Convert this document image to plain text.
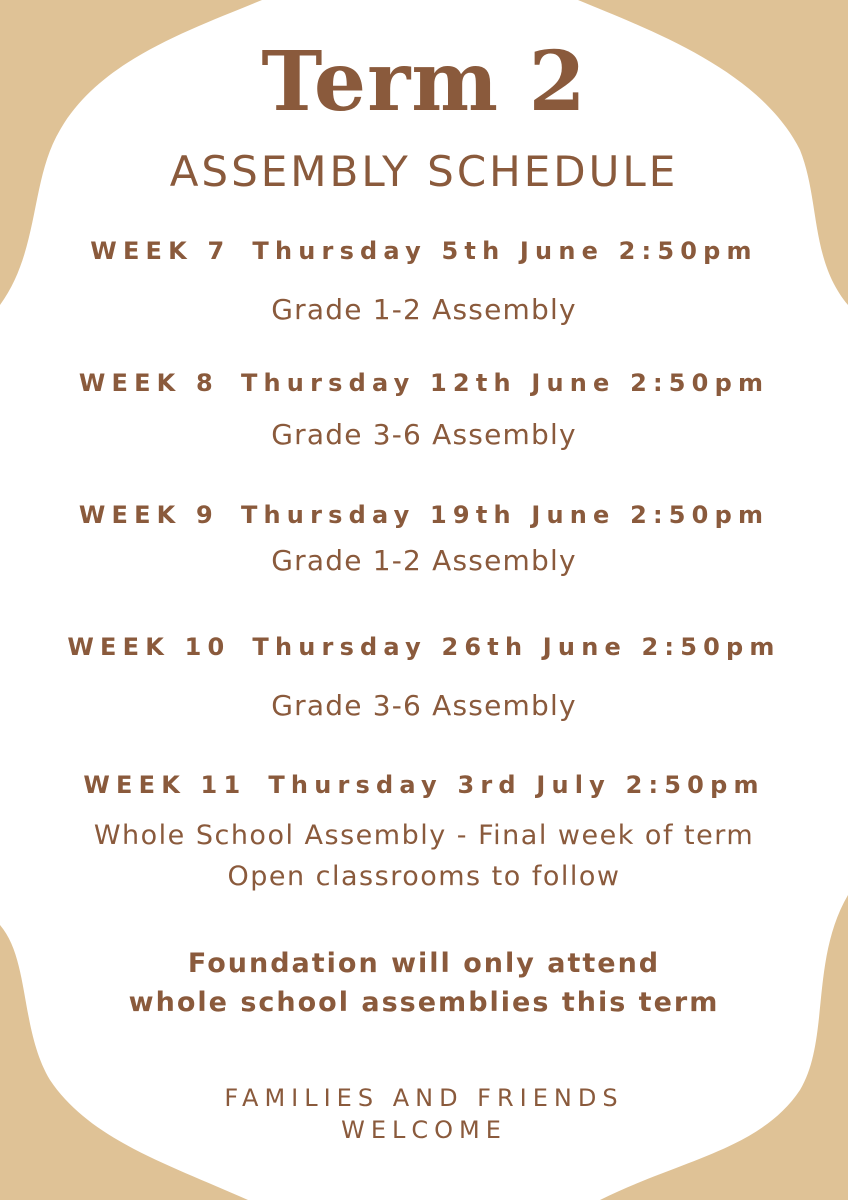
Term 2
ASSEMBLY SCHEDULE
WEEK 7 Thursday 5th June 2:50pm
Grade 1-2 Assembly
WEEK 8 Thursday 12th June 2:50pm
Grade 3-6 Assembly
WEEK 9 Thursday 19th June 2:50pm
Grade 1-2 Assembly
WEEK 10 Thursday 26th June 2:50pm
Grade 3-6 Assembly
WEEK 11 Thursday 3rd July 2:50pm
Whole School Assembly - Final week of term
Open classrooms to follow
Foundation will only attend
whole school assemblies this term
FAMILIES AND FRIENDS
WELCOME
